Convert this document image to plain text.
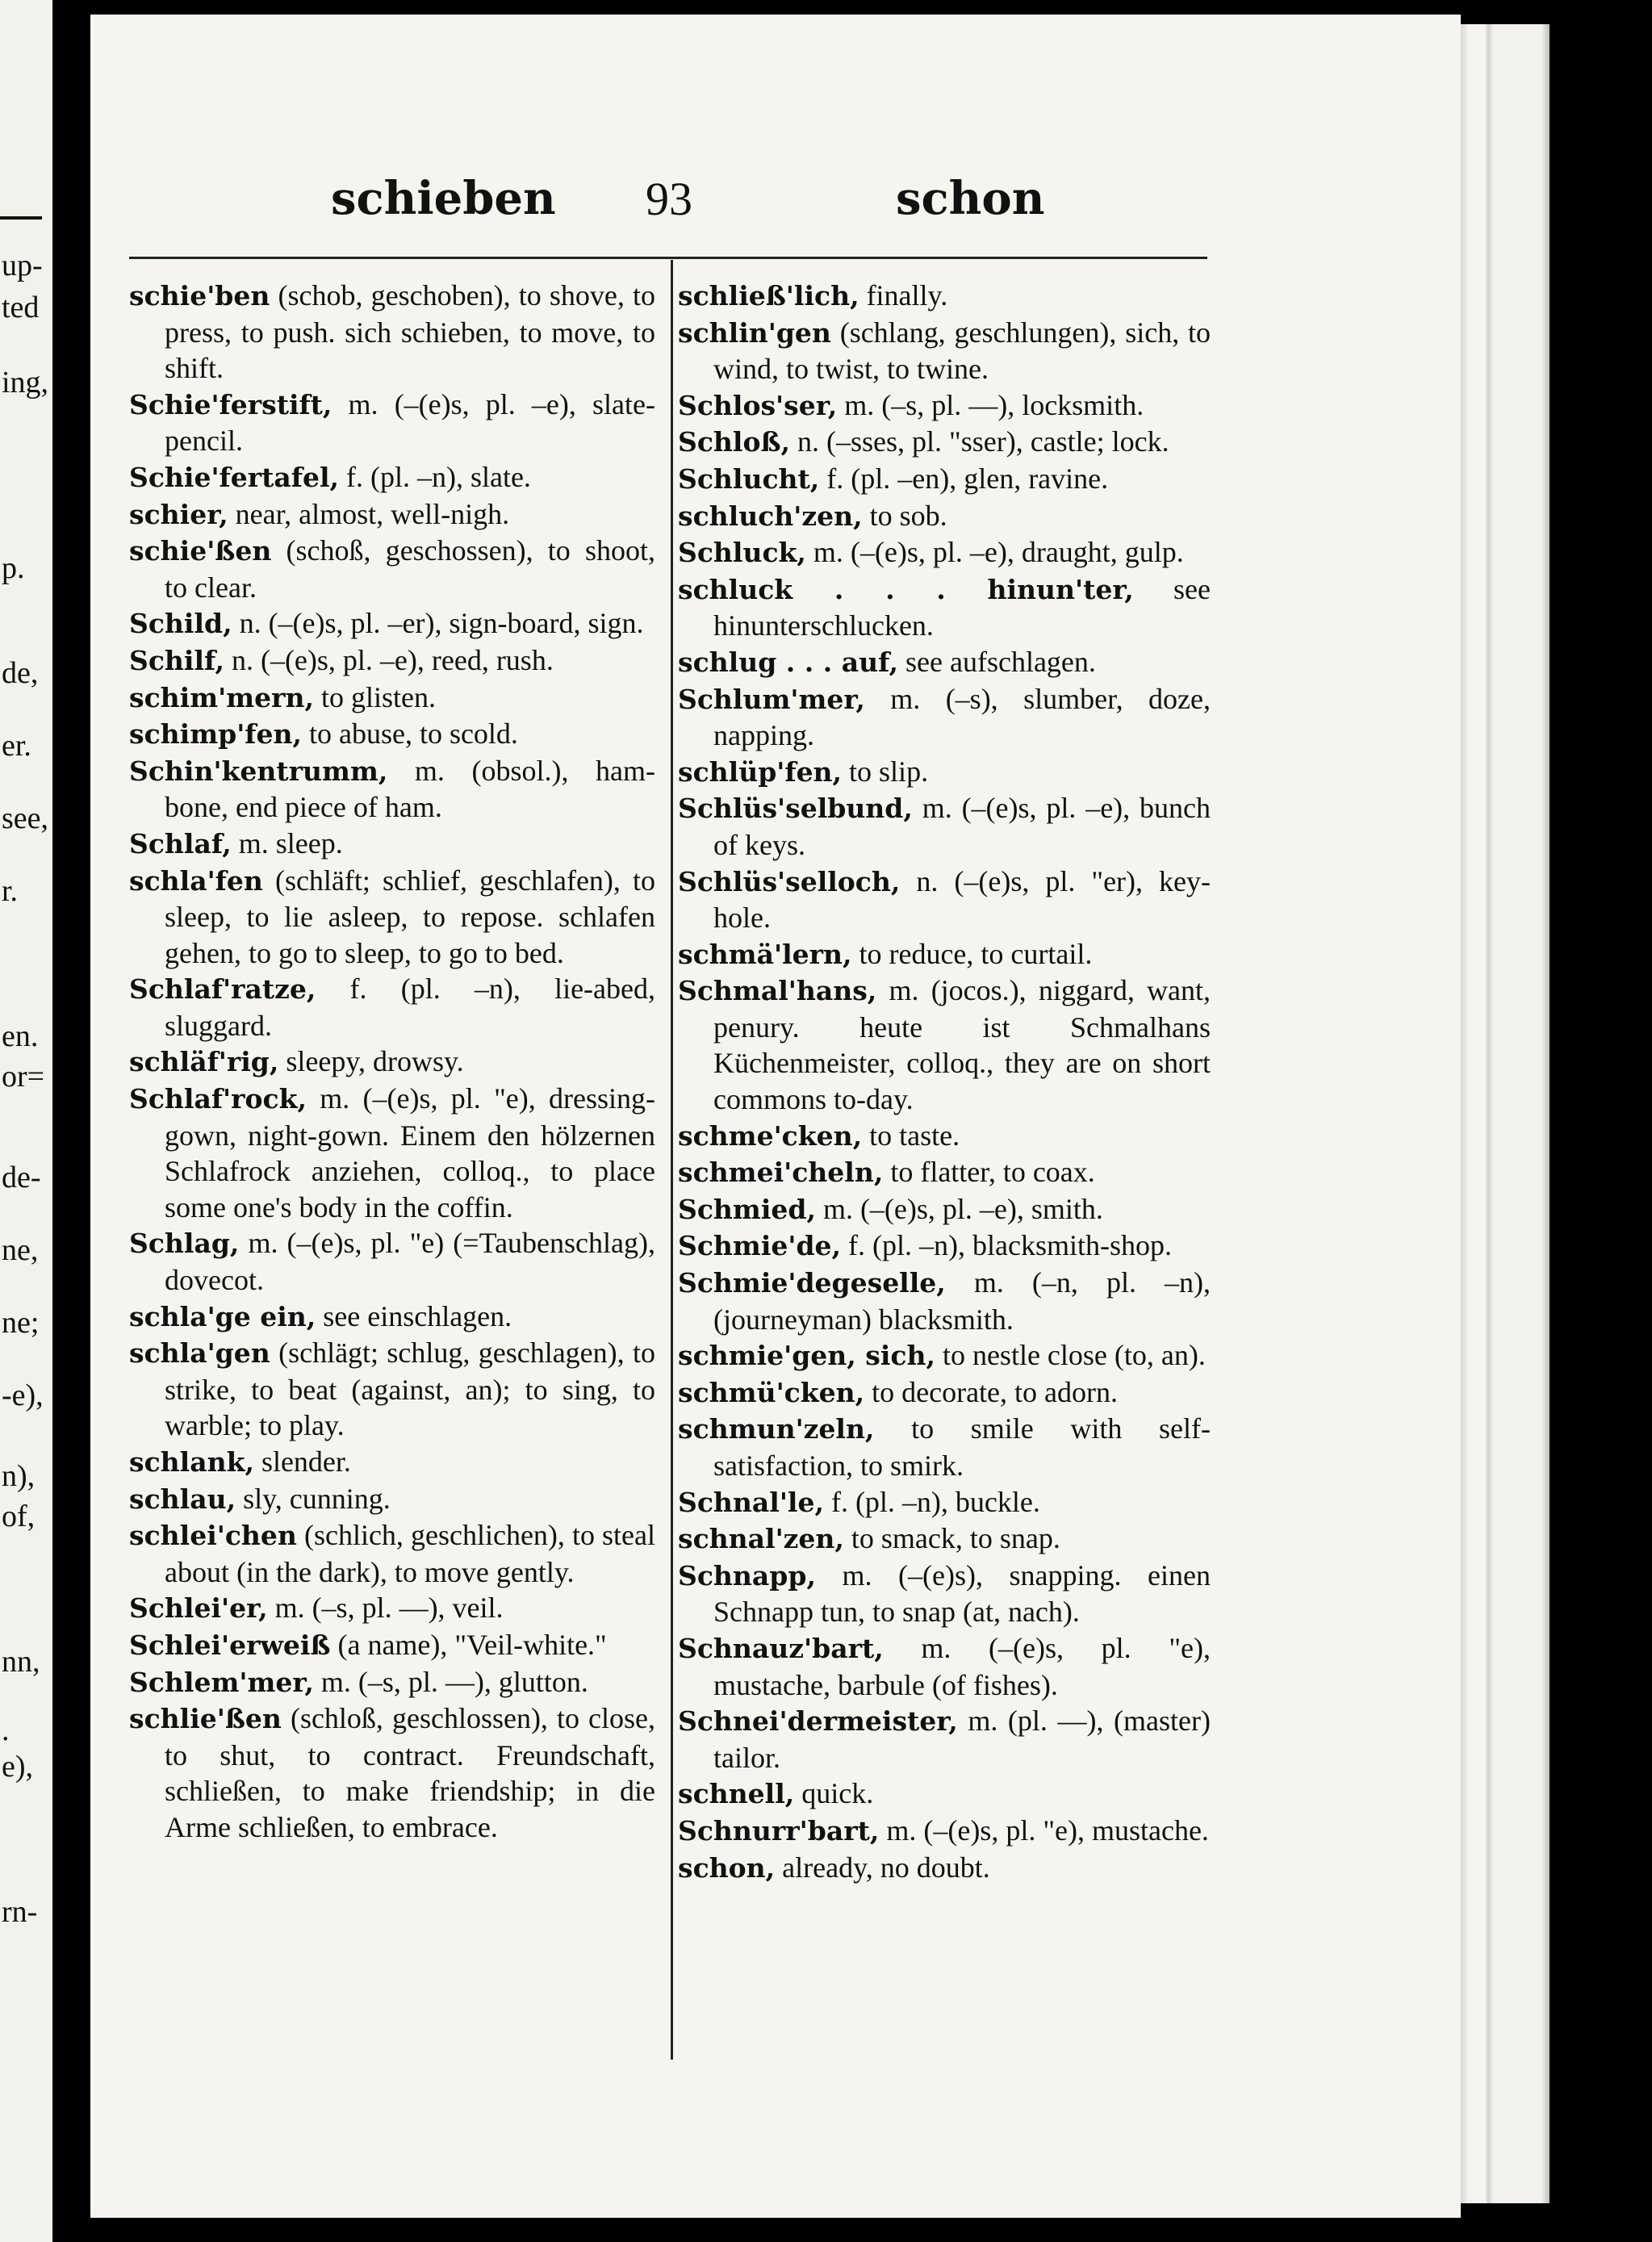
up-
ted
ing,
p.
de,
er.
see,
r.
en.
or=
de-
ne,
ne;
-e),
n),
of,
nn,
.
e),
rn-
schieben 93	schon

schie'ben (schob, geschoben), to shove, to press, to push. sich schieben, to move, to shift.

Schie'ferstift, m. (–(e)s, pl. –e), slate-pencil.

Schie'fertafel, f. (pl. –n), slate.

schier, near, almost, well-nigh.

schie'ßen (schoß, geschossen), to shoot, to clear.

Schild, n. (–(e)s, pl. –er), sign-board, sign.

Schilf, n. (–(e)s, pl. –e), reed, rush.

schim'mern, to glisten.

schimp'fen, to abuse, to scold.

Schin'kentrumm, m. (obsol.), ham-bone, end piece of ham.

Schlaf, m. sleep.

schla'fen (schläft; schlief, geschlafen), to sleep, to lie asleep, to repose. schlafen gehen, to go to sleep, to go to bed.

Schlaf'ratze, f. (pl. –n), lie-abed, sluggard.

schläf'rig, sleepy, drowsy.

Schlaf'rock, m. (–(e)s, pl. "e), dressing-gown, night-gown. Einem den hölzernen Schlafrock anziehen, colloq., to place some one's body in the coffin.

Schlag, m. (–(e)s, pl. "e) (=Taubenschlag), dovecot.

schla'ge ein, see einschlagen.

schla'gen (schlägt; schlug, geschlagen), to strike, to beat (against, an); to sing, to warble; to play.

schlank, slender.

schlau, sly, cunning.

schlei'chen (schlich, geschlichen), to steal about (in the dark), to move gently.

Schlei'er, m. (–s, pl. —), veil.

Schlei'erweiß (a name), "Veil-white."

Schlem'mer, m. (–s, pl. —), glutton.

schlie'ßen (schloß, geschlossen), to close, to shut, to contract. Freundschaft, schließen, to make friendship; in die Arme schließen, to embrace.

schließ'lich, finally.

schlin'gen (schlang, geschlungen), sich, to wind, to twist, to twine.

Schlos'ser, m. (–s, pl. —), locksmith.

Schloß, n. (–sses, pl. "sser), castle; lock.

Schlucht, f. (pl. –en), glen, ravine.

schluch'zen, to sob.

Schluck, m. (–(e)s, pl. –e), draught, gulp.

schluck . . . hinun'ter, see hinunterschlucken.

schlug . . . auf, see aufschlagen.

Schlum'mer, m. (–s), slumber, doze, napping.

schlüp'fen, to slip.

Schlüs'selbund, m. (–(e)s, pl. –e), bunch of keys.

Schlüs'selloch, n. (–(e)s, pl. "er), key-hole.

schmä'lern, to reduce, to curtail.

Schmal'hans, m. (jocos.), niggard, want, penury. heute ist Schmalhans Küchenmeister, colloq., they are on short commons to-day.

schme'cken, to taste.

schmei'cheln, to flatter, to coax.

Schmied, m. (–(e)s, pl. –e), smith.

Schmie'de, f. (pl. –n), blacksmith-shop.

Schmie'degeselle, m. (–n, pl. –n), (journeyman) blacksmith.

schmie'gen, sich, to nestle close (to, an).

schmü'cken, to decorate, to adorn.

schmun'zeln, to smile with self-satisfaction, to smirk.

Schnal'le, f. (pl. –n), buckle.

schnal'zen, to smack, to snap.

Schnapp, m. (–(e)s), snapping. einen Schnapp tun, to snap (at, nach).

Schnauz'bart, m. (–(e)s, pl. "e), mustache, barbule (of fishes).

Schnei'dermeister, m. (pl. —), (master) tailor.

schnell, quick.

Schnurr'bart, m. (–(e)s, pl. "e), mustache.

schon, already, no doubt.
